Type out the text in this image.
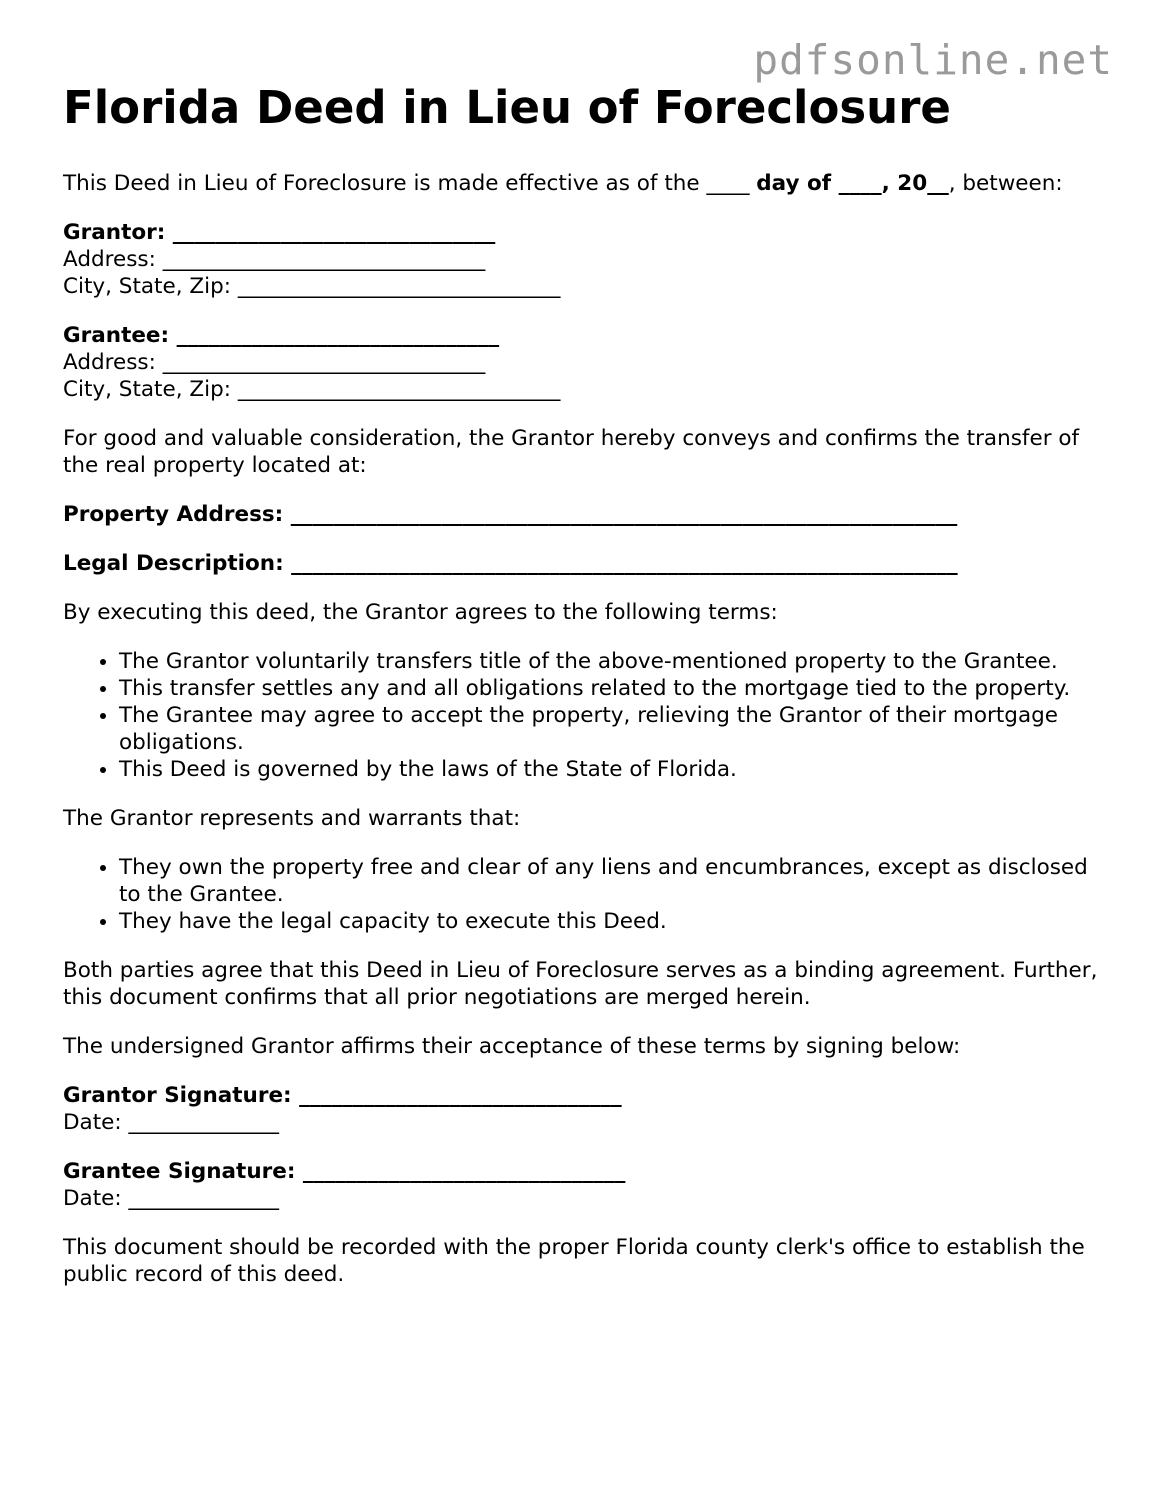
pdfsonline.net
Florida Deed in Lieu of Foreclosure

This Deed in Lieu of Foreclosure is made effective as of the ____ day of ____, 20__, between:

Grantor: ______________________________
Address: ______________________________
City, State, Zip: ______________________________
Grantee: ______________________________
Address: ______________________________
City, State, Zip: ______________________________

For good and valuable consideration, the Grantor hereby conveys and confirms the transfer of the real property located at:

Property Address: ______________________________________________________________

Legal Description: ______________________________________________________________

By executing this deed, the Grantor agrees to the following terms:

• The Grantor voluntarily transfers title of the above-mentioned property to the Grantee.
• This transfer settles any and all obligations related to the mortgage tied to the property.
• The Grantee may agree to accept the property, relieving the Grantor of their mortgage obligations.
• This Deed is governed by the laws of the State of Florida.

The Grantor represents and warrants that:

• They own the property free and clear of any liens and encumbrances, except as disclosed to the Grantee.
• They have the legal capacity to execute this Deed.

Both parties agree that this Deed in Lieu of Foreclosure serves as a binding agreement. Further, this document confirms that all prior negotiations are merged herein.

The undersigned Grantor affirms their acceptance of these terms by signing below:

Grantor Signature: ______________________________
Date: ______________
Grantee Signature: ______________________________
Date: ______________

This document should be recorded with the proper Florida county clerk's office to establish the public record of this deed.
